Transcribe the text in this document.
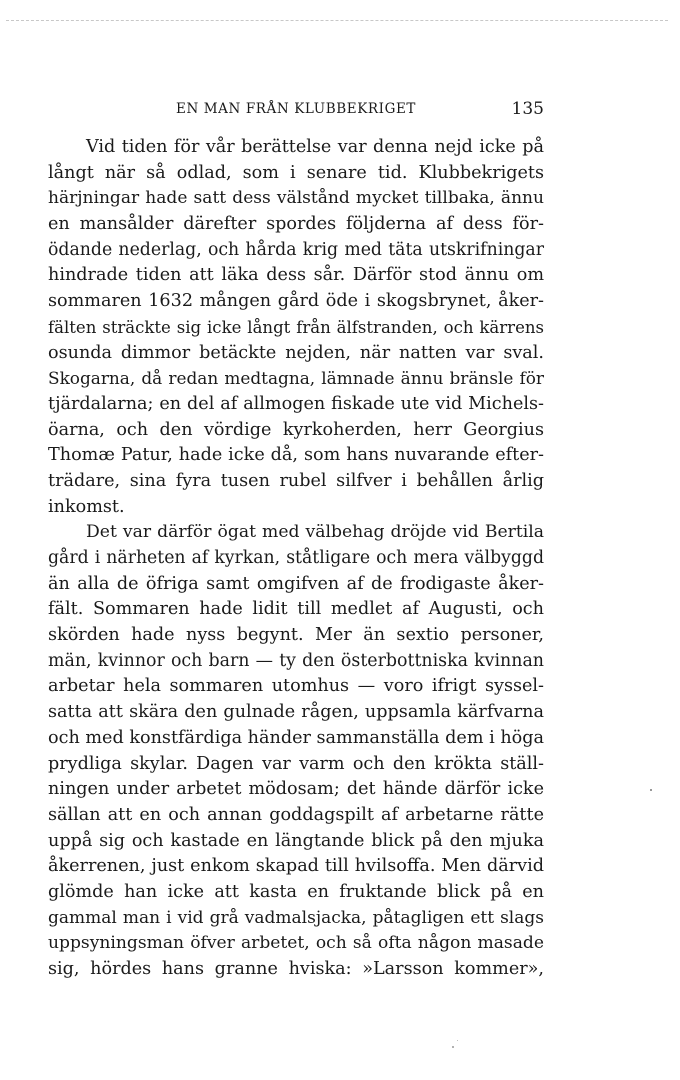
EN MAN FRÅN KLUBBEKRIGET	135
Vid tiden för vår berättelse var denna nejd icke på
långt när så odlad, som i senare tid. Klubbekrigets
härjningar hade satt dess välstånd mycket tillbaka, ännu
en mansålder därefter spordes följderna af dess för-
ödande nederlag, och hårda krig med täta utskrifningar
hindrade tiden att läka dess sår. Därför stod ännu om
sommaren 1632 mången gård öde i skogsbrynet, åker-
fälten sträckte sig icke långt från älfstranden, och kärrens
osunda dimmor betäckte nejden, när natten var sval.
Skogarna, då redan medtagna, lämnade ännu bränsle för
tjärdalarna; en del af allmogen fiskade ute vid Michels-
öarna, och den vördige kyrkoherden, herr Georgius
Thomæ Patur, hade icke då, som hans nuvarande efter-
trädare, sina fyra tusen rubel silfver i behållen årlig
inkomst.
Det var därför ögat med välbehag dröjde vid Bertila
gård i närheten af kyrkan, ståtligare och mera välbyggd
än alla de öfriga samt omgifven af de frodigaste åker-
fält. Sommaren hade lidit till medlet af Augusti, och
skörden hade nyss begynt. Mer än sextio personer,
män, kvinnor och barn — ty den österbottniska kvinnan
arbetar hela sommaren utomhus — voro ifrigt syssel-
satta att skära den gulnade rågen, uppsamla kärfvarna
och med konstfärdiga händer sammanställa dem i höga
prydliga skylar. Dagen var varm och den krökta ställ-
ningen under arbetet mödosam; det hände därför icke
sällan att en och annan goddagspilt af arbetarne rätte
uppå sig och kastade en längtande blick på den mjuka
åkerrenen, just enkom skapad till hvilsoffa. Men därvid
glömde han icke att kasta en fruktande blick på en
gammal man i vid grå vadmalsjacka, påtagligen ett slags
uppsyningsman öfver arbetet, och så ofta någon masade
sig, hördes hans granne hviska: »Larsson kommer»,
